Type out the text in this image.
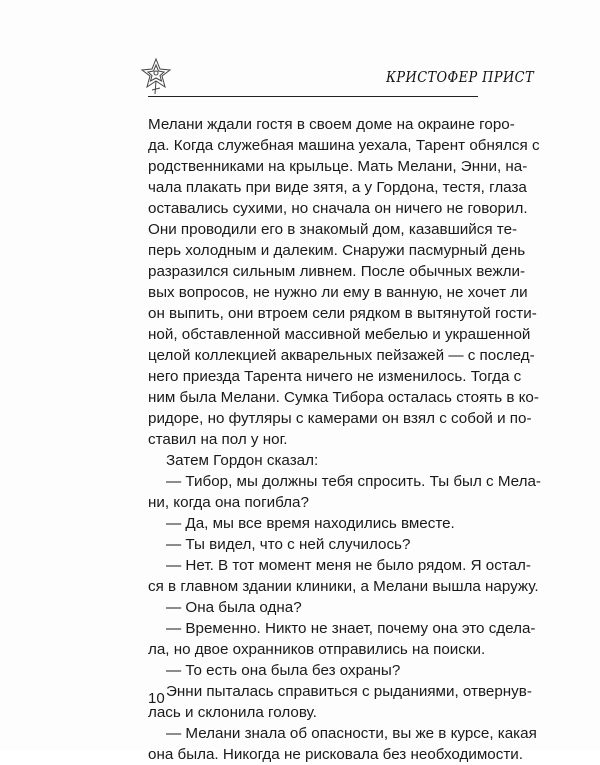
КРИСТОФЕР ПРИСТ
Мелани ждали гостя в своем доме на окраине горо-
да. Когда служебная машина уехала, Тарент обнялся с
родственниками на крыльце. Мать Мелани, Энни, на-
чала плакать при виде зятя, а у Гордона, тестя, глаза
оставались сухими, но сначала он ничего не говорил.
Они проводили его в знакомый дом, казавшийся те-
перь холодным и далеким. Снаружи пасмурный день
разразился сильным ливнем. После обычных вежли-
вых вопросов, не нужно ли ему в ванную, не хочет ли
он выпить, они втроем сели рядком в вытянутой гости-
ной, обставленной массивной мебелью и украшенной
целой коллекцией акварельных пейзажей — с послед-
него приезда Тарента ничего не изменилось. Тогда с
ним была Мелани. Сумка Тибора осталась стоять в ко-
ридоре, но футляры с камерами он взял с собой и по-
ставил на пол у ног.
Затем Гордон сказал:
— Тибор, мы должны тебя спросить. Ты был с Мела-
ни, когда она погибла?
— Да, мы все время находились вместе.
— Ты видел, что с ней случилось?
— Нет. В тот момент меня не было рядом. Я остал-
ся в главном здании клиники, а Мелани вышла наружу.
— Она была одна?
— Временно. Никто не знает, почему она это сдела-
ла, но двое охранников отправились на поиски.
— То есть она была без охраны?
Энни пыталась справиться с рыданиями, отвернув-
лась и склонила голову.
— Мелани знала об опасности, вы же в курсе, какая
она была. Никогда не рисковала без необходимости.
10
